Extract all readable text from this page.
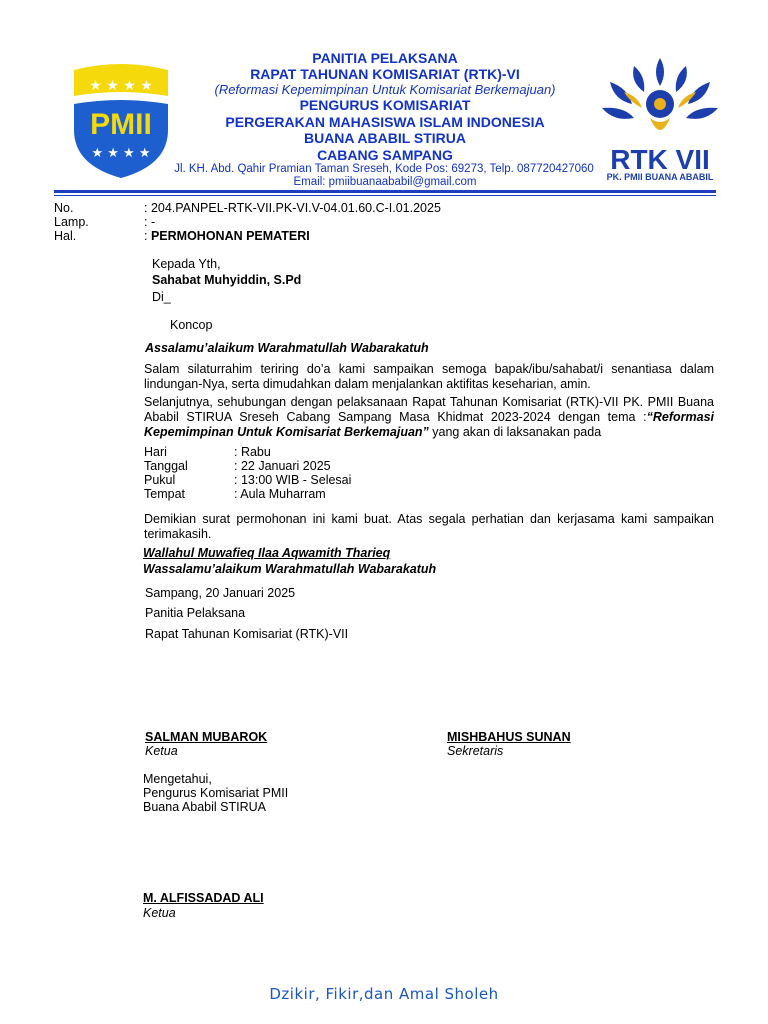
★ ★ ★ ★
★ ★ ★ ★
PMII
PANITIA PELAKSANA
RAPAT TAHUNAN KOMISARIAT (RTK)-VI
(Reformasi Kepemimpinan Untuk Komisariat Berkemajuan)
PENGURUS KOMISARIAT
PERGERAKAN MAHASISWA ISLAM INDONESIA
BUANA ABABIL STIRUA
CABANG SAMPANG
Jl. KH. Abd. Qahir Pramian Taman Sreseh, Kode Pos: 69273, Telp. 087720427060
Email: pmiibuanaababil@gmail.com
RTK VII
PK. PMII BUANA ABABIL
No.	: 204.PANPEL-RTK-VII.PK-VI.V-04.01.60.C-I.01.2025
Lamp.	: -
Hal.	: PERMOHONAN PEMATERI
Kepada Yth,
Sahabat Muhyiddin, S.Pd
Di_
Koncop
Assalamu’alaikum Warahmatullah Wabarakatuh
Salam silaturrahim teriring do’a kami sampaikan semoga bapak/ibu/sahabat/i senantiasa dalam lindungan-Nya, serta dimudahkan dalam menjalankan aktifitas keseharian, amin.
Selanjutnya, sehubungan dengan pelaksanaan Rapat Tahunan Komisariat (RTK)-VII PK. PMII Buana Ababil STIRUA Sreseh Cabang Sampang Masa Khidmat 2023-2024 dengan tema :“Reformasi Kepemimpinan Untuk Komisariat Berkemajuan” yang akan di laksanakan pada
Hari	: Rabu
Tanggal	: 22 Januari 2025
Pukul	: 13:00 WIB - Selesai
Tempat	: Aula Muharram
Demikian surat permohonan ini kami buat. Atas segala perhatian dan kerjasama kami sampaikan terimakasih.
Wallahul Muwafieq Ilaa Aqwamith Tharieq
Wassalamu’alaikum Warahmatullah Wabarakatuh
Sampang, 20 Januari 2025
Panitia Pelaksana
Rapat Tahunan Komisariat (RTK)-VII
SALMAN MUBAROK
Ketua
MISHBAHUS SUNAN
Sekretaris
Mengetahui,
Pengurus Komisariat PMII
Buana Ababil STIRUA
M. ALFISSADAD ALI
Ketua
Dzikir, Fikir,dan Amal Sholeh
